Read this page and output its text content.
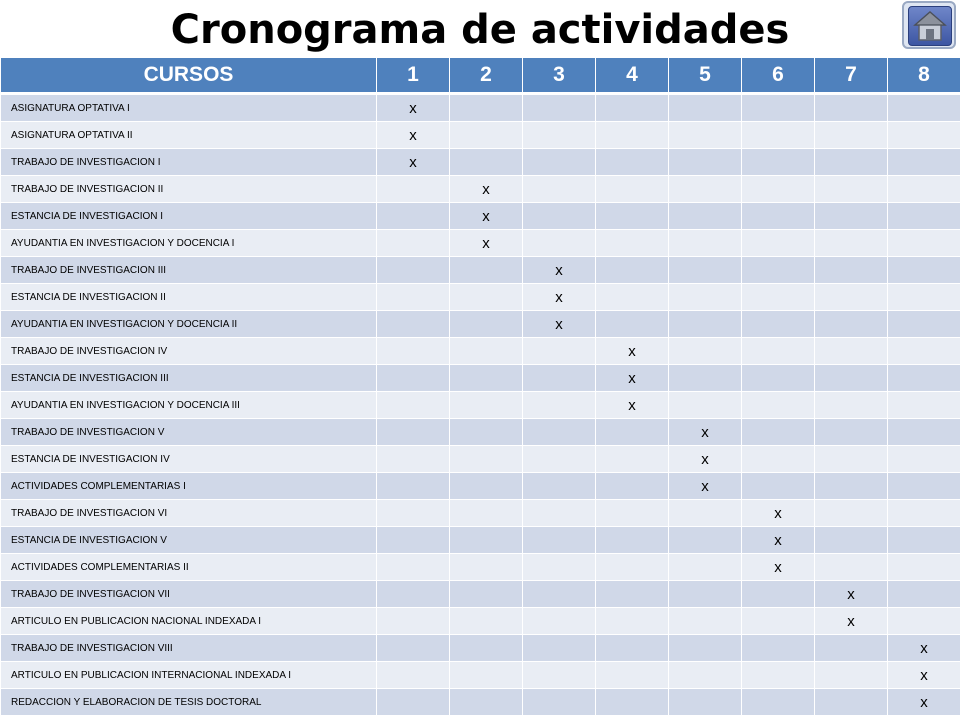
Cronograma de actividades
CURSOS	1	2	3	4	5	6	7	8
ASIGNATURA OPTATIVA I	x							
ASIGNATURA OPTATIVA II	x							
TRABAJO DE INVESTIGACION I	x							
TRABAJO DE INVESTIGACION II		x						
ESTANCIA DE INVESTIGACION I		x						
AYUDANTIA EN INVESTIGACION Y DOCENCIA I		x						
TRABAJO DE INVESTIGACION III			x					
ESTANCIA DE INVESTIGACION II			x					
AYUDANTIA EN INVESTIGACION Y DOCENCIA II			x					
TRABAJO DE INVESTIGACION IV				x				
ESTANCIA DE INVESTIGACION III				x				
AYUDANTIA EN INVESTIGACION Y DOCENCIA III				x				
TRABAJO DE INVESTIGACION V					x			
ESTANCIA DE INVESTIGACION IV					x			
ACTIVIDADES COMPLEMENTARIAS I					x			
TRABAJO DE INVESTIGACION VI						x		
ESTANCIA DE INVESTIGACION V						x		
ACTIVIDADES COMPLEMENTARIAS II						x		
TRABAJO DE INVESTIGACION VII							x	
ARTICULO EN PUBLICACION NACIONAL INDEXADA I							x	
TRABAJO DE INVESTIGACION VIII								x
ARTICULO EN PUBLICACION INTERNACIONAL INDEXADA I								x
REDACCION Y ELABORACION DE TESIS DOCTORAL								x
